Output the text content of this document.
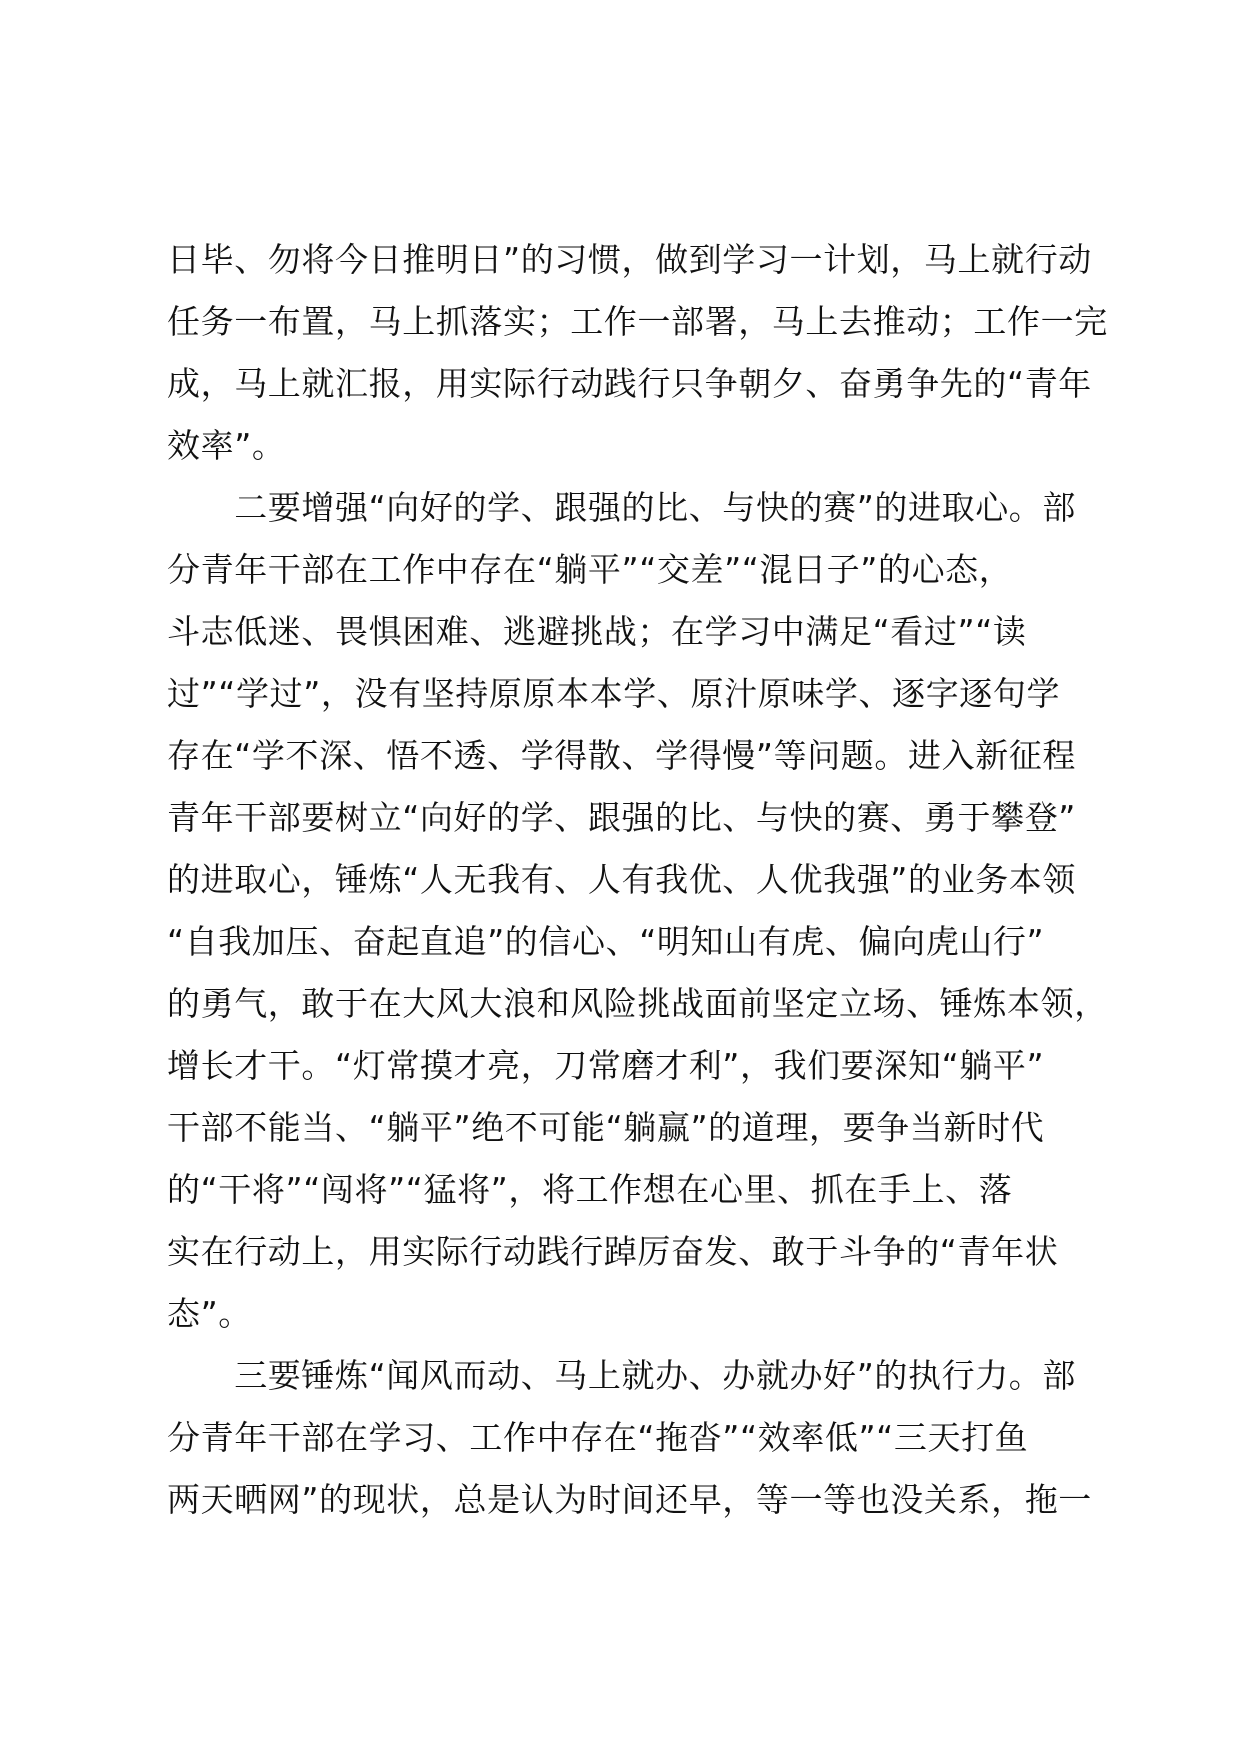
日毕、勿将今日推明日”的习惯，做到学习一计划，马上就行动
任务一布置，马上抓落实；工作一部署，马上去推动；工作一完
成，马上就汇报，用实际行动践行只争朝夕、奋勇争先的“青年
效率”。
　　二要增强“向好的学、跟强的比、与快的赛”的进取心。部
分青年干部在工作中存在“躺平”“交差”“混日子”的心态，
斗志低迷、畏惧困难、逃避挑战；在学习中满足“看过”“读
过”“学过”，没有坚持原原本本学、原汁原味学、逐字逐句学
存在“学不深、悟不透、学得散、学得慢”等问题。进入新征程
青年干部要树立“向好的学、跟强的比、与快的赛、勇于攀登”
的进取心，锤炼“人无我有、人有我优、人优我强”的业务本领
“自我加压、奋起直追”的信心、“明知山有虎、偏向虎山行”
的勇气，敢于在大风大浪和风险挑战面前坚定立场、锤炼本领，
增长才干。“灯常摸才亮，刀常磨才利”，我们要深知“躺平”
干部不能当、“躺平”绝不可能“躺赢”的道理，要争当新时代
的“干将”“闯将”“猛将”，将工作想在心里、抓在手上、落
实在行动上，用实际行动践行踔厉奋发、敢于斗争的“青年状
态”。
　　三要锤炼“闻风而动、马上就办、办就办好”的执行力。部
分青年干部在学习、工作中存在“拖沓”“效率低”“三天打鱼
两天晒网”的现状，总是认为时间还早，等一等也没关系，拖一
